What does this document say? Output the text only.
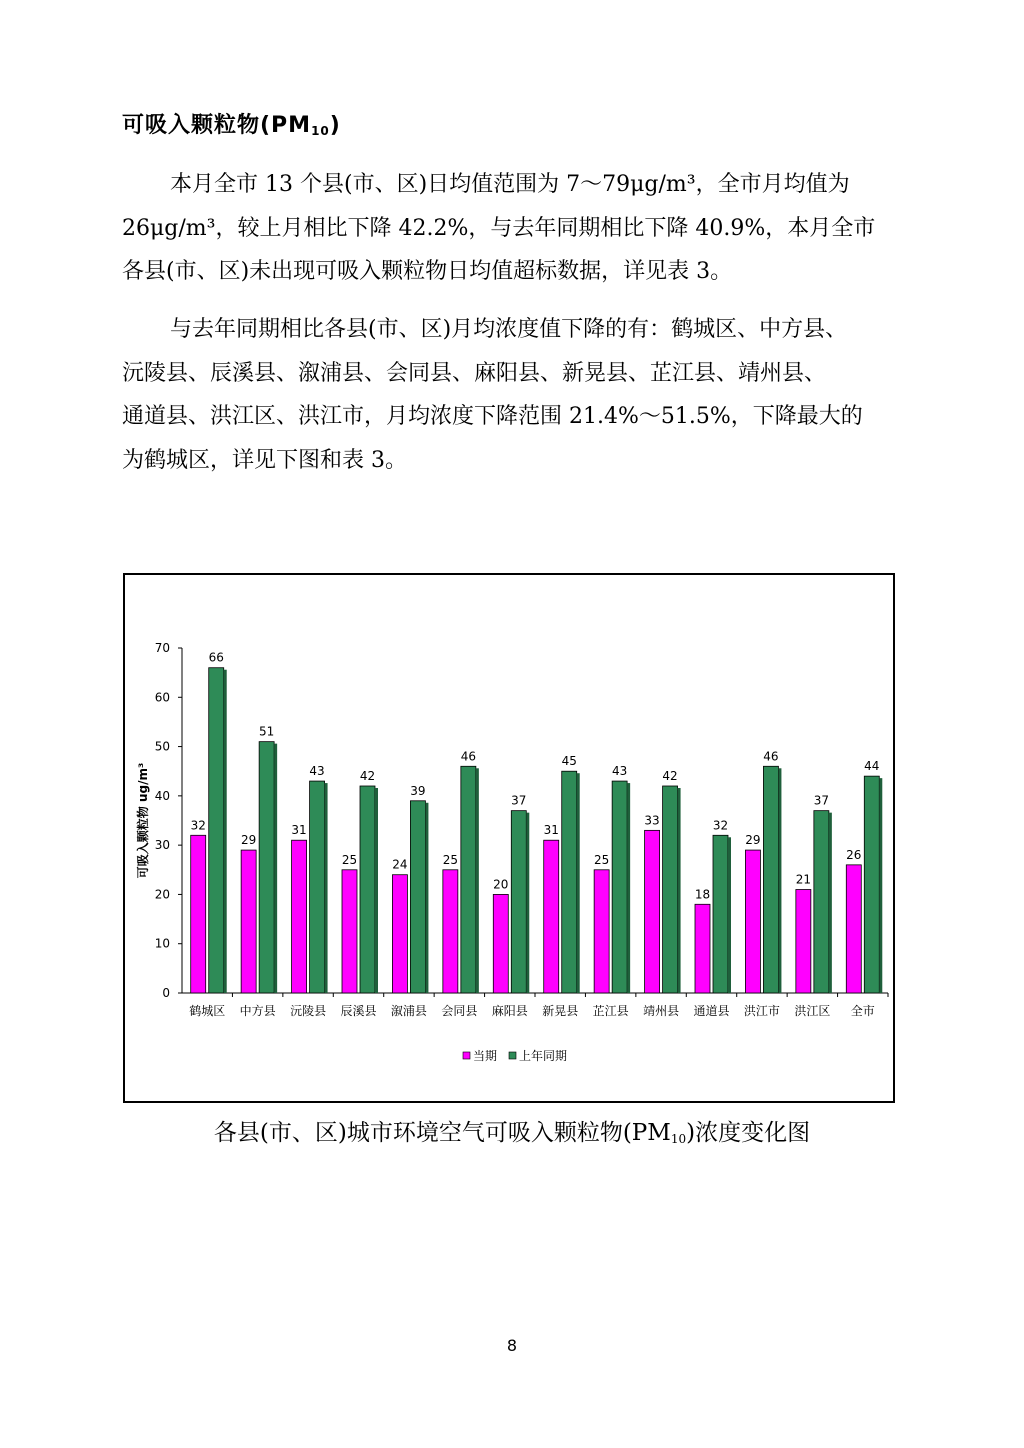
可吸入颗粒物$(PM_{10})$
本月全市 13 个县(市、区)日均值范围为 7～79μg/m³，全市月均值为
26μg/m³，较上月相比下降 42.2%，与去年同期相比下降 40.9%，本月全市
各县(市、区)未出现可吸入颗粒物日均值超标数据，详见表 3。
与去年同期相比各县(市、区)月均浓度值下降的有：鹤城区、中方县、
沅陵县、辰溪县、溆浦县、会同县、麻阳县、新晃县、芷江县、靖州县、
通道县、洪江区、洪江市，月均浓度下降范围 21.4%～51.5%，下降最大的
为鹤城区，详见下图和表 3。
0
10
20
30
40
50
60
70
可吸入颗粒物 ug/m³	32
66
鹤城区
29
51
中方县
31
43
沅陵县
25
42
辰溪县
24
39
溆浦县
25
46
会同县
20
37
麻阳县
31
45
新晃县
25
43
芷江县
33
42
靖州县
18
32
通道县
29
46
洪江市
21
37
洪江区
26
44
全市
当期 上年同期
各县(市、区)城市环境空气可吸入颗粒物$(PM_{10})$浓度变化图
8
